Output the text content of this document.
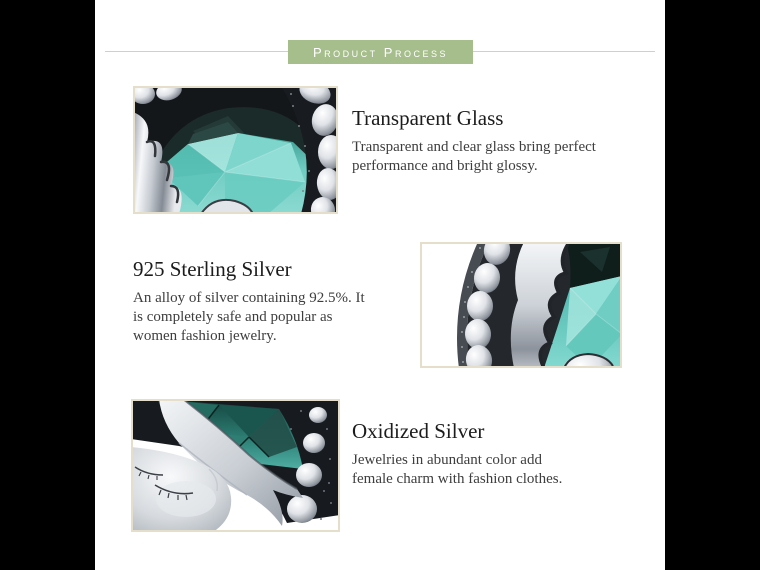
Product Process
Transparent Glass
Transparent and clear glass bring perfect
performance and bright glossy.
925 Sterling Silver
An alloy of silver containing 92.5%. It
is completely safe and popular as
women fashion jewelry.
Oxidized Silver
Jewelries in abundant color add
female charm with fashion clothes.
